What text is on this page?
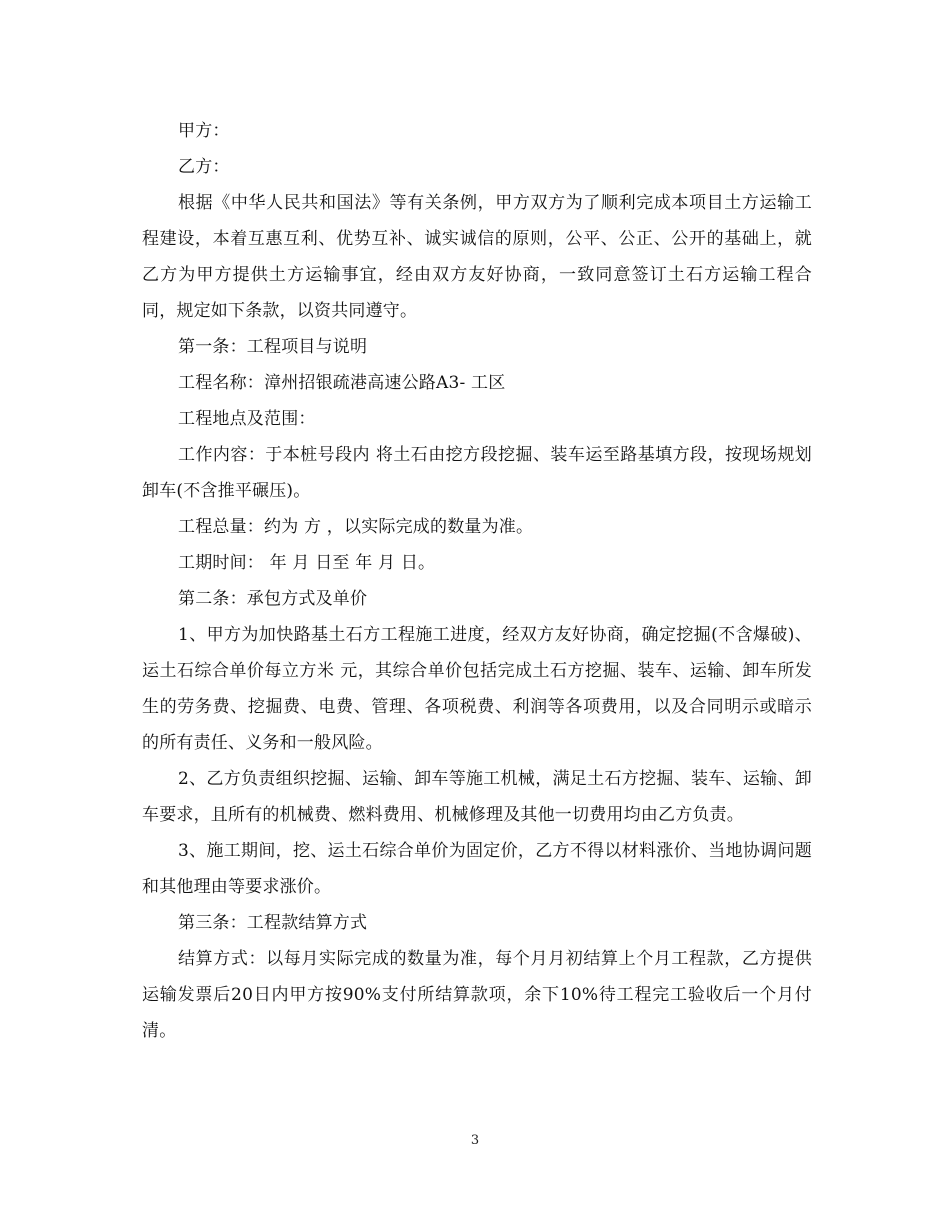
甲方：

乙方：

根据《中华人民共和国法》等有关条例，甲方双方为了顺利完成本项目土方运输工程建设，本着互惠互利、优势互补、诚实诚信的原则，公平、公正、公开的基础上，就乙方为甲方提供土方运输事宜，经由双方友好协商，一致同意签订土石方运输工程合同，规定如下条款，以资共同遵守。

第一条：工程项目与说明

工程名称：漳州招银疏港高速公路A3- 工区

工程地点及范围：

工作内容：于本桩号段内 将土石由挖方段挖掘、装车运至路基填方段，按现场规划卸车(不含推平碾压)。

工程总量：约为 方 ，以实际完成的数量为准。

工期时间： 年 月 日至 年 月 日。

第二条：承包方式及单价

1、甲方为加快路基土石方工程施工进度，经双方友好协商，确定挖掘(不含爆破)、运土石综合单价每立方米 元，其综合单价包括完成土石方挖掘、装车、运输、卸车所发生的劳务费、挖掘费、电费、管理、各项税费、利润等各项费用，以及合同明示或暗示的所有责任、义务和一般风险。

2、乙方负责组织挖掘、运输、卸车等施工机械，满足土石方挖掘、装车、运输、卸车要求，且所有的机械费、燃料费用、机械修理及其他一切费用均由乙方负责。

3、施工期间，挖、运土石综合单价为固定价，乙方不得以材料涨价、当地协调问题和其他理由等要求涨价。

第三条：工程款结算方式

结算方式：以每月实际完成的数量为准，每个月月初结算上个月工程款，乙方提供运输发票后20日内甲方按90%支付所结算款项，余下10%待工程完工验收后一个月付清。

3
